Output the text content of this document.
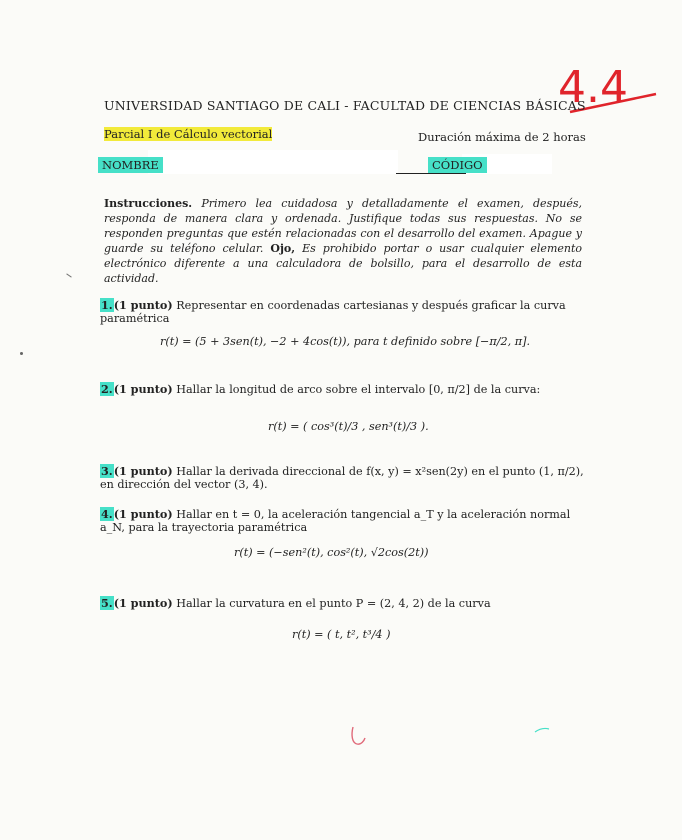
4.4
UNIVERSIDAD SANTIAGO DE CALI - FACULTAD DE CIENCIAS BÁSICAS
Parcial I de Cálculo vectorial	Duración máxima de 2 horas
NOMBRE	CÓDIGO
Instrucciones. Primero lea cuidadosa y detalladamente el examen, después, responda de manera clara y ordenada. Justifique todas sus respuestas. No se responden preguntas que estén relacionadas con el desarrollo del examen. Apague y guarde su teléfono celular. Ojo, Es prohibido portar o usar cualquier elemento electrónico diferente a una calculadora de bolsillo, para el desarrollo de esta actividad.
1.(1 punto) Representar en coordenadas cartesianas y después graficar la curva paramétrica
r(t) = (5 + 3sen(t), −2 + 4cos(t)), para t definido sobre [−π/2, π].
2.(1 punto) Hallar la longitud de arco sobre el intervalo [0, π/2] de la curva:
r(t) = ( cos³(t)/3 , sen³(t)/3 ).
3.(1 punto) Hallar la derivada direccional de f(x, y) = x²sen(2y) en el punto (1, π/2), en dirección del vector (3, 4).
4.(1 punto) Hallar en t = 0, la aceleración tangencial a_T y la aceleración normal a_N, para la trayectoria paramétrica
r(t) = (−sen²(t), cos²(t), √2cos(2t))
5.(1 punto) Hallar la curvatura en el punto P = (2, 4, 2) de la curva
r(t) = ( t, t², t³/4 )
